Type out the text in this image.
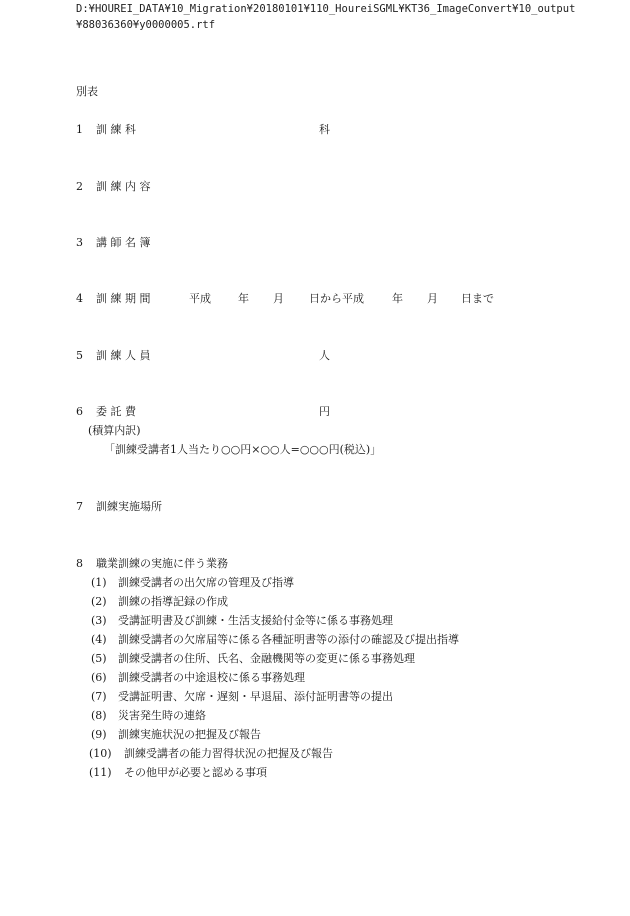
D:¥HOUREI_DATA¥10_Migration¥20180101¥110_HoureiSGML¥KT36_ImageConvert¥10_output
¥88036360¥y0000005.rtf
別表
1 訓 練 科	科
2 訓 練 内 容
3 講 師 名 簿
4 訓 練 期 間	平成 年 月 日から平成	年 月 日まで
5 訓 練 人 員	人
6 委 託 費	円
(積算内訳)
「訓練受講者1人当たり○○円×○○人=○○○円(税込)」
7 訓練実施場所
8 職業訓練の実施に伴う業務
(1) 訓練受講者の出欠席の管理及び指導
(2) 訓練の指導記録の作成
(3) 受講証明書及び訓練・生活支援給付金等に係る事務処理
(4) 訓練受講者の欠席届等に係る各種証明書等の添付の確認及び提出指導
(5) 訓練受講者の住所、氏名、金融機関等の変更に係る事務処理
(6) 訓練受講者の中途退校に係る事務処理
(7) 受講証明書、欠席・遅刻・早退届、添付証明書等の提出
(8) 災害発生時の連絡
(9) 訓練実施状況の把握及び報告
(10) 訓練受講者の能力習得状況の把握及び報告
(11) その他甲が必要と認める事項
